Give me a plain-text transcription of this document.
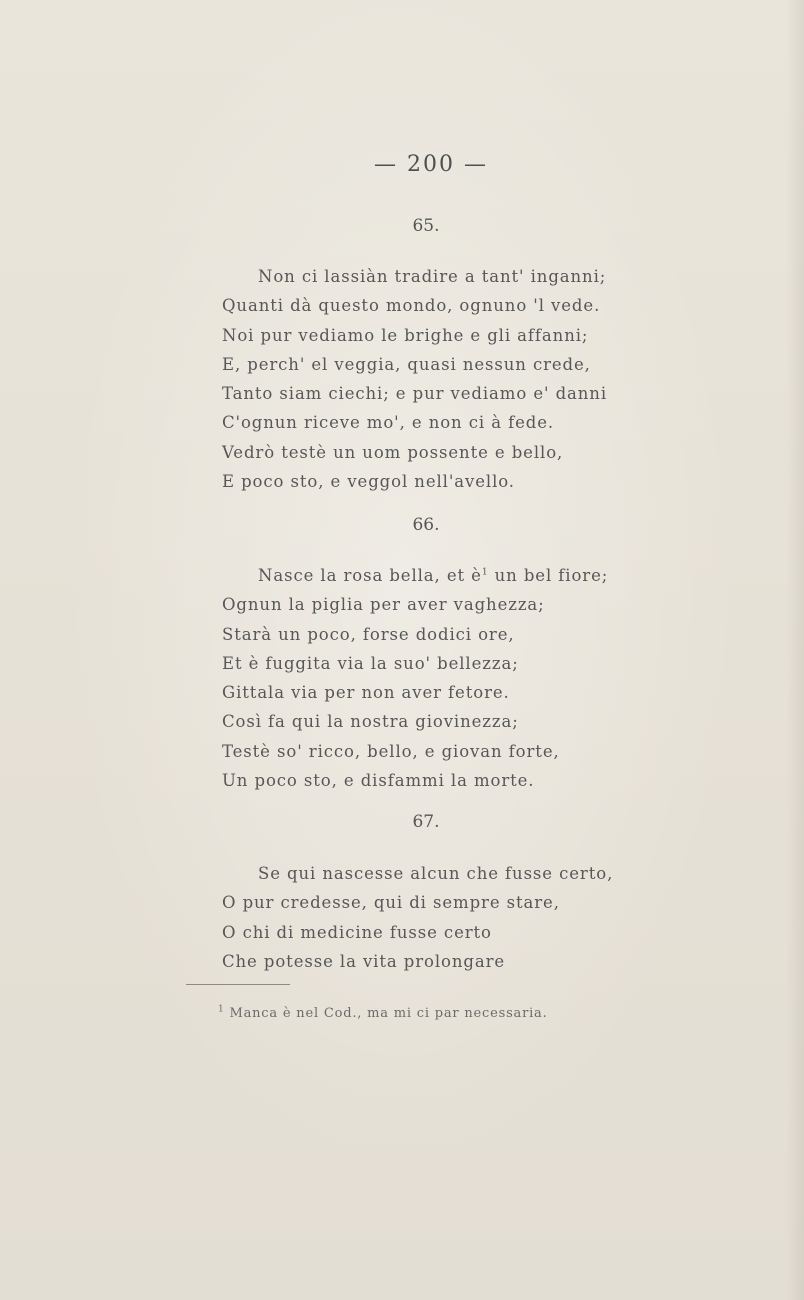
— 200 —
65.
Non ci lassiàn tradire a tant' inganni;
Quanti dà questo mondo, ognuno 'l vede.
Noi pur vediamo le brighe e gli affanni;
E, perch' el veggia, quasi nessun crede,
Tanto siam ciechi; e pur vediamo e' danni
C'ognun riceve mo', e non ci à fede.
Vedrò testè un uom possente e bello,
E poco sto, e veggol nell'avello.
66.
Nasce la rosa bella, et $è^1$ un bel fiore;
Ognun la piglia per aver vaghezza;
Starà un poco, forse dodici ore,
Et è fuggita via la suo' bellezza;
Gittala via per non aver fetore.
Così fa qui la nostra giovinezza;
Testè so' ricco, bello, e giovan forte,
Un poco sto, e disfammi la morte.
67.
Se qui nascesse alcun che fusse certo,
O pur credesse, qui di sempre stare,
O chi di medicine fusse certo
Che potesse la vita prolongare
$^1$ Manca è nel Cod., ma mi ci par necessaria.
